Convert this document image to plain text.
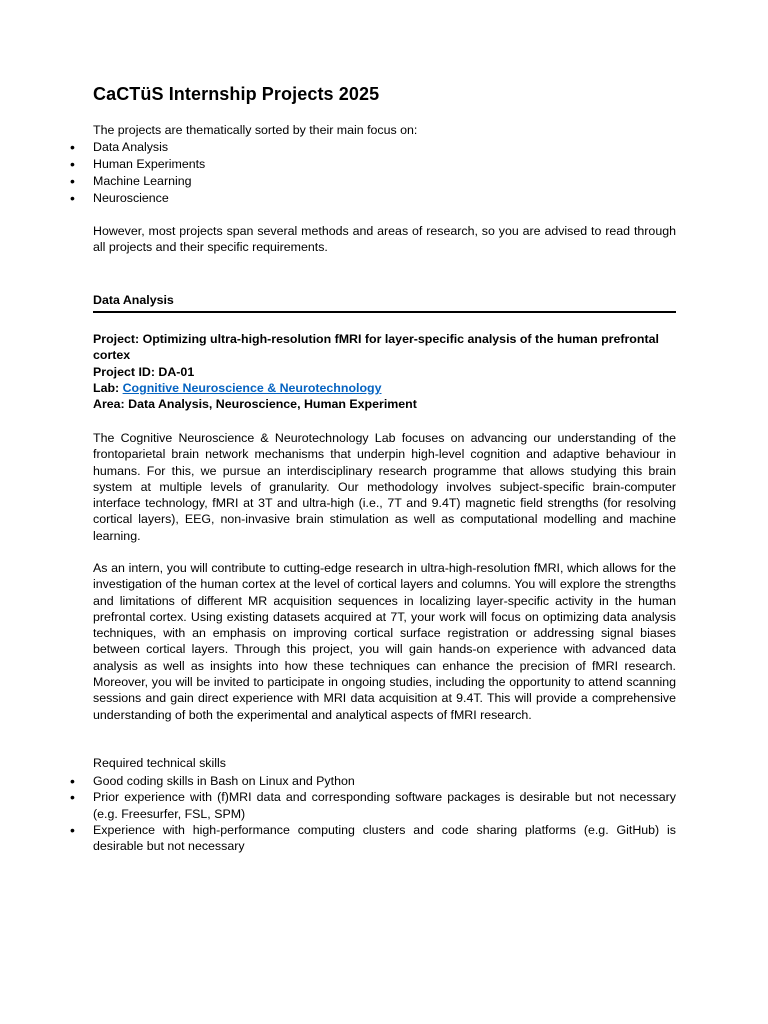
CaCTüS Internship Projects 2025

The projects are thematically sorted by their main focus on:

• Data Analysis
• Human Experiments
• Machine Learning
• Neuroscience

However, most projects span several methods and areas of research, so you are advised to read through all projects and their specific requirements.

Data Analysis
Project: Optimizing ultra-high-resolution fMRI for layer-specific analysis of the human prefrontal cortex
Project ID: DA-01
Lab: Cognitive Neuroscience & Neurotechnology
Area: Data Analysis, Neuroscience, Human Experiment

The Cognitive Neuroscience & Neurotechnology Lab focuses on advancing our understanding of the frontoparietal brain network mechanisms that underpin high-level cognition and adaptive behaviour in humans. For this, we pursue an interdisciplinary research programme that allows studying this brain system at multiple levels of granularity. Our methodology involves subject-specific brain-computer interface technology, fMRI at 3T and ultra-high (i.e., 7T and 9.4T) magnetic field strengths (for resolving cortical layers), EEG, non-invasive brain stimulation as well as computational modelling and machine learning.

As an intern, you will contribute to cutting-edge research in ultra-high-resolution fMRI, which allows for the investigation of the human cortex at the level of cortical layers and columns. You will explore the strengths and limitations of different MR acquisition sequences in localizing layer-specific activity in the human prefrontal cortex. Using existing datasets acquired at 7T, your work will focus on optimizing data analysis techniques, with an emphasis on improving cortical surface registration or addressing signal biases between cortical layers. Through this project, you will gain hands-on experience with advanced data analysis as well as insights into how these techniques can enhance the precision of fMRI research. Moreover, you will be invited to participate in ongoing studies, including the opportunity to attend scanning sessions and gain direct experience with MRI data acquisition at 9.4T. This will provide a comprehensive understanding of both the experimental and analytical aspects of fMRI research.

Required technical skills

• Good coding skills in Bash on Linux and Python
• Prior experience with (f)MRI data and corresponding software packages is desirable but not necessary (e.g. Freesurfer, FSL, SPM)
• Experience with high-performance computing clusters and code sharing platforms (e.g. GitHub) is desirable but not necessary
